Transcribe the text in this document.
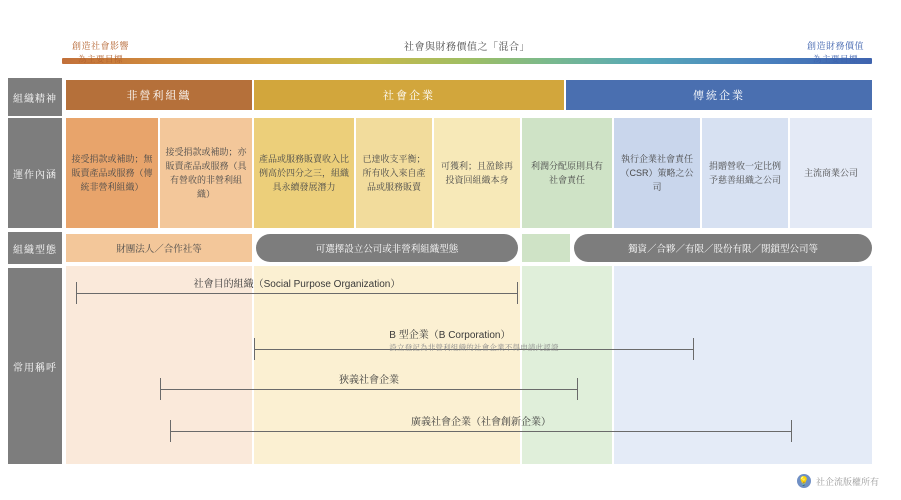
創造社會影響
為主要目標
社會與財務價值之「混合」	創造財務價值
為主要目標
組織精神
運作內涵
組織型態
常用稱呼
非營利組織	社會企業	傳統企業
接受捐款或補助；無販賣產品或服務（傳統非營利組織）
接受捐款或補助；亦販賣產品或服務（具有營收的非營利組織）
產品或服務販賣收入比例高於四分之三，組織具永續發展潛力
已達收支平衡；所有收入來自產品或服務販賣
可獲利；且盈餘再投資回組織本身
利潤分配原則具有社會責任
執行企業社會責任（CSR）策略之公司
捐贈營收一定比例予慈善組織之公司
主流商業公司
財團法人／合作社等	可選擇設立公司或非營利組織型態	獨資／合夥／有限／股份有限／閉鎖型公司等
社會目的組織（Social Purpose Organization）
B 型企業（B Corporation）
設立登記為非營利組織的社會企業不得申請此認證
狹義社會企業
廣義社會企業（社會創新企業）
💡 社企流版權所有
